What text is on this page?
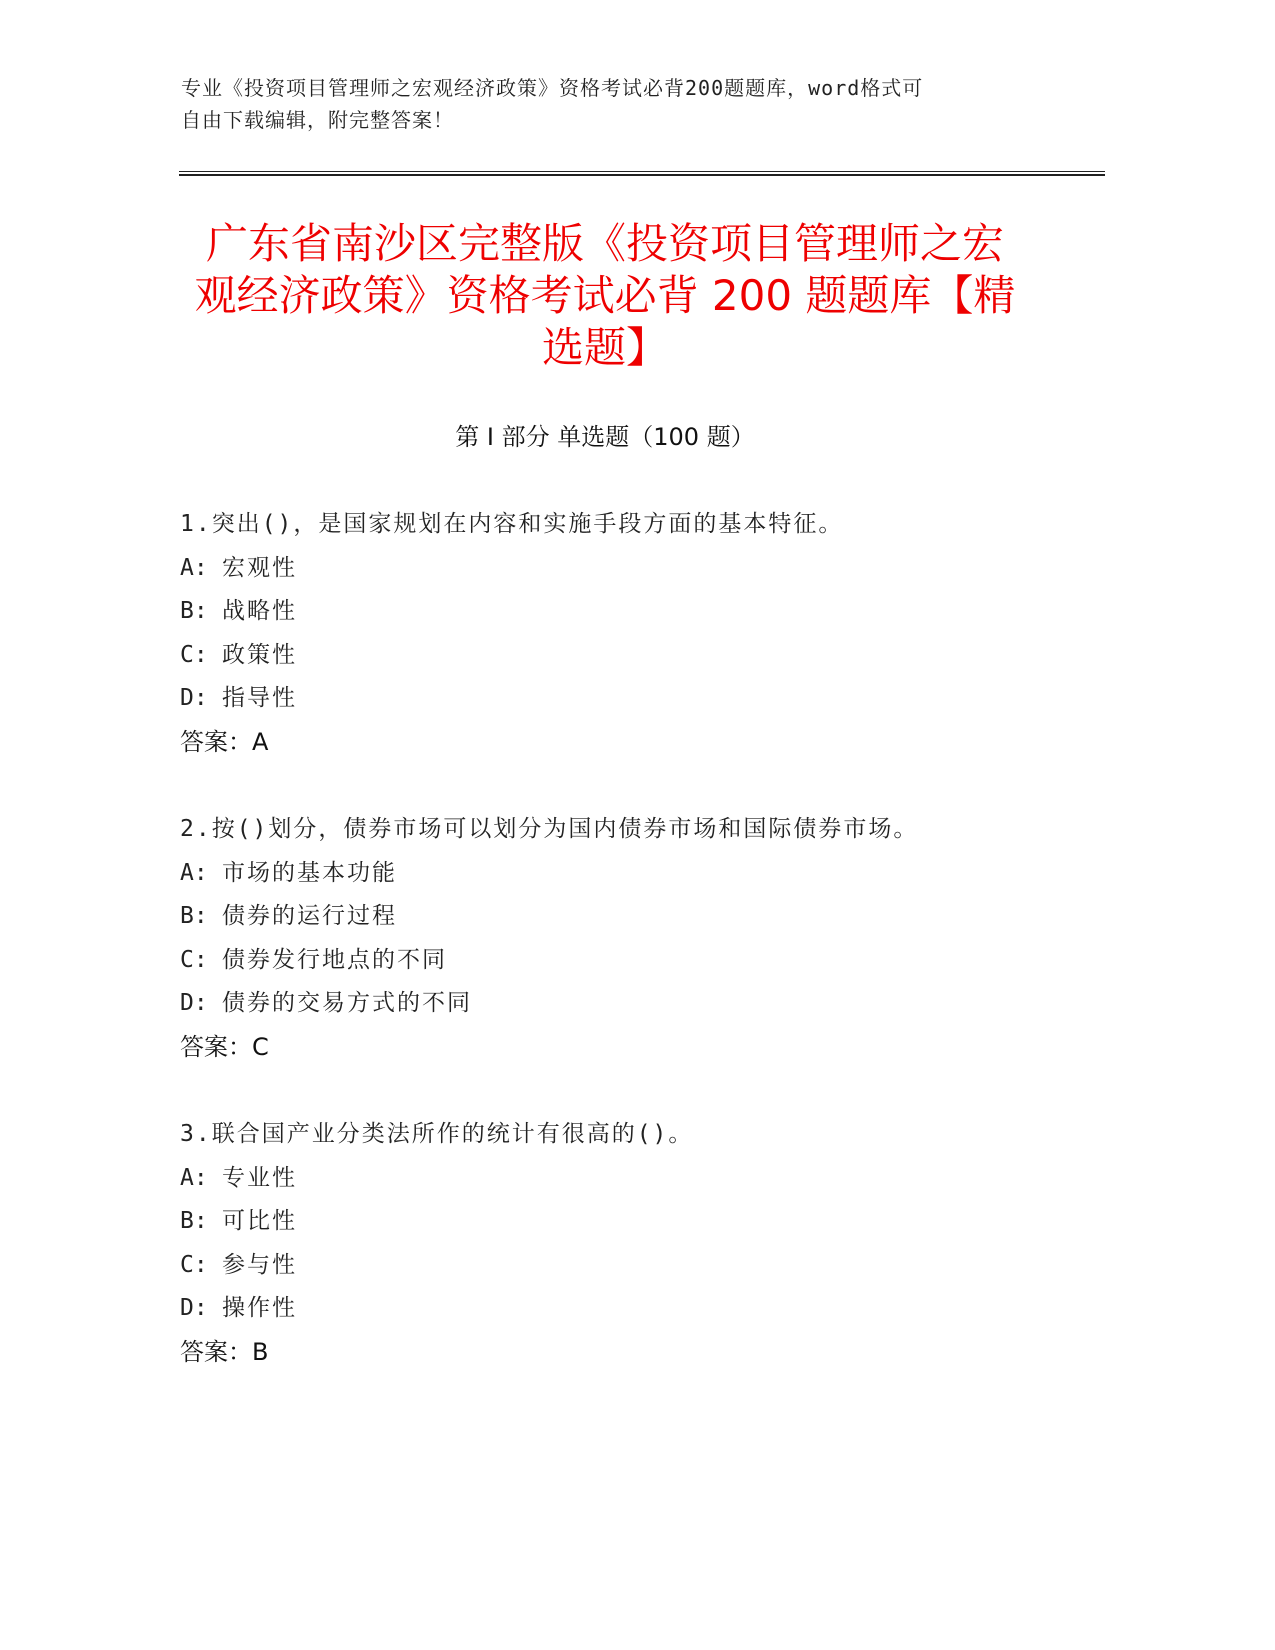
专业《投资项目管理师之宏观经济政策》资格考试必背200题题库，word格式可
自由下载编辑，附完整答案！
广东省南沙区完整版《投资项目管理师之宏
观经济政策》资格考试必背 200 题题库【精
选题】
第 I 部分 单选题（100 题）
1.突出()，是国家规划在内容和实施手段方面的基本特征。
A: 宏观性
B: 战略性
C: 政策性
D: 指导性
答案：A
2.按()划分，债券市场可以划分为国内债券市场和国际债券市场。
A: 市场的基本功能
B: 债券的运行过程
C: 债券发行地点的不同
D: 债券的交易方式的不同
答案：C
3.联合国产业分类法所作的统计有很高的()。
A: 专业性
B: 可比性
C: 参与性
D: 操作性
答案：B
